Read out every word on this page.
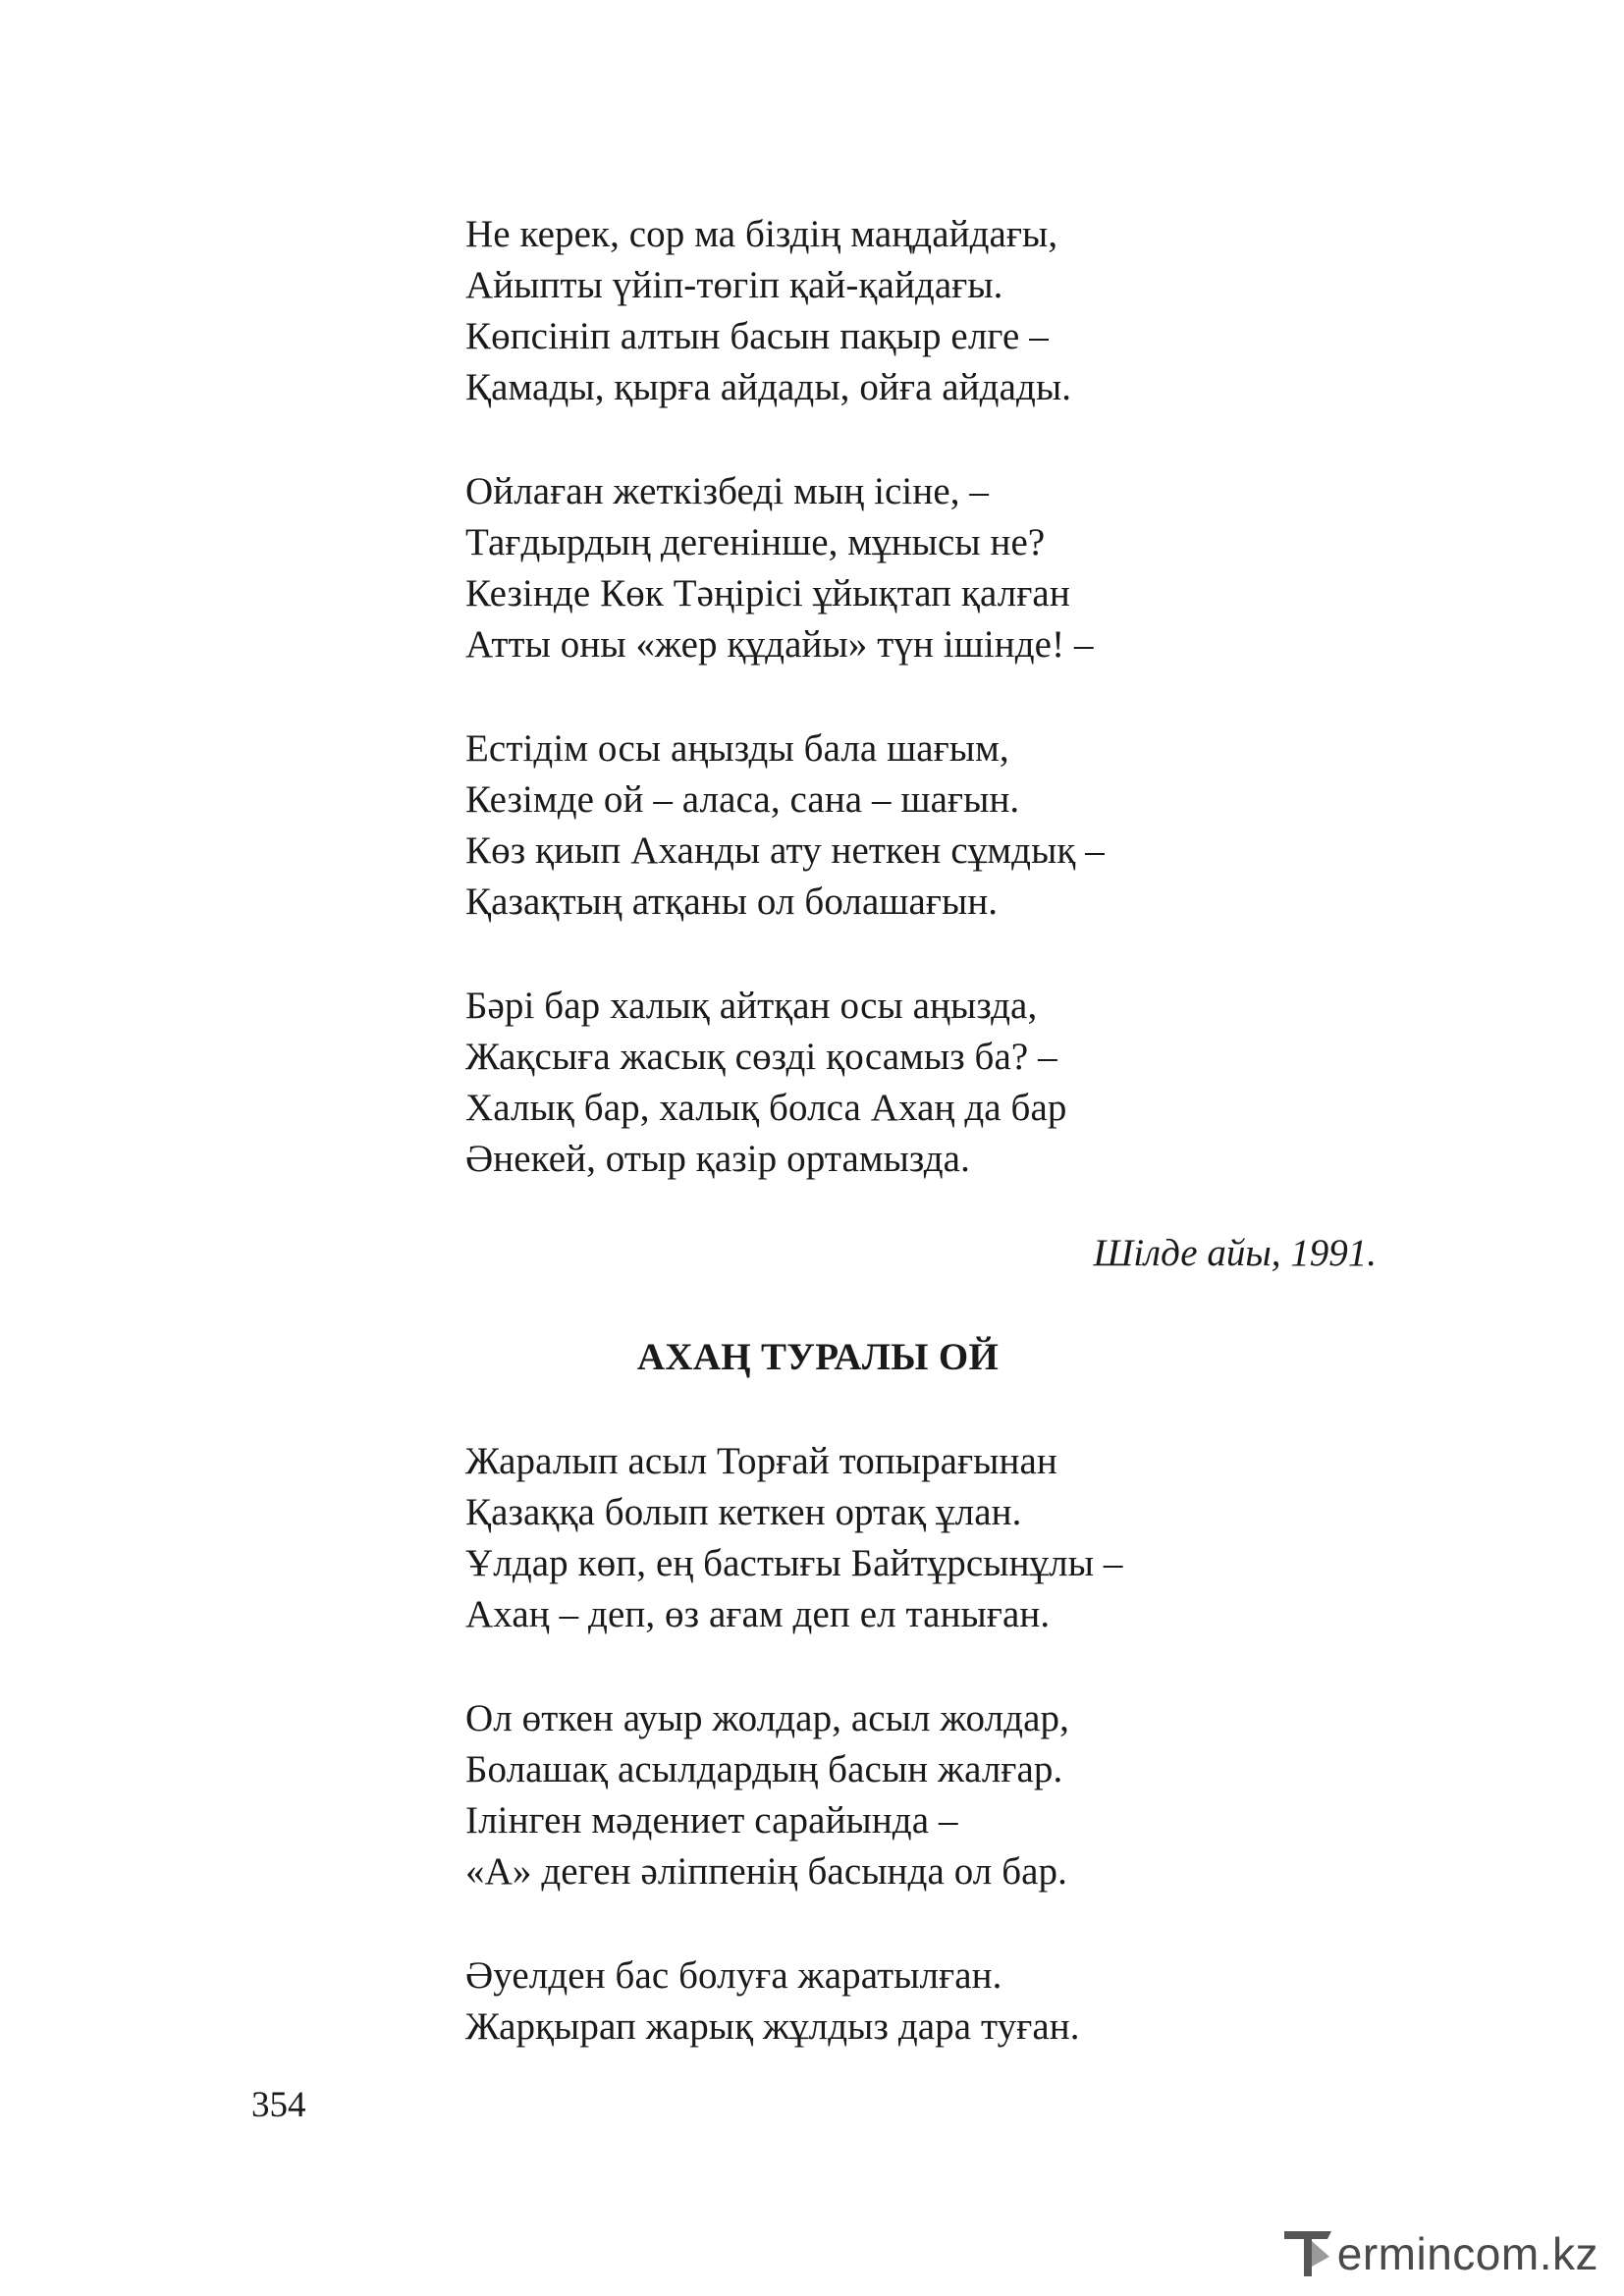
Не керек, сор ма біздің маңдайдағы,
Айыпты үйіп-төгіп қай-қайдағы.
Көпсініп алтын басын пақыр елге –
Қамады, қырға айдады, ойға айдады.
Ойлаған жеткізбеді мың ісіне, –
Тағдырдың дегенінше, мұнысы не?
Кезінде Көк Тәңірісі ұйықтап қалған
Атты оны «жер құдайы» түн ішінде! –
Естідім осы аңызды бала шағым,
Кезімде ой – аласа, сана – шағын.
Көз қиып Аханды ату неткен сұмдық –
Қазақтың атқаны ол болашағын.
Бәрі бар халық айтқан осы аңызда,
Жақсыға жасық сөзді қосамыз ба? –
Халық бар, халық болса Ахаң да бар
Әнекей, отыр қазір ортамызда.
Шілде айы, 1991.
АХАҢ ТУРАЛЫ ОЙ
Жаралып асыл Торғай топырағынан
Қазаққа болып кеткен ортақ ұлан.
Ұлдар көп, ең бастығы Байтұрсынұлы –
Ахаң – деп, өз ағам деп ел таныған.
Ол өткен ауыр жолдар, асыл жолдар,
Болашақ асылдардың басын жалғар.
Ілінген мәдениет сарайында –
«А» деген әліппенің басында ол бар.
Әуелден бас болуға жаратылған.
Жарқырап жарық жұлдыз дара туған.
354
ermincom.kz
